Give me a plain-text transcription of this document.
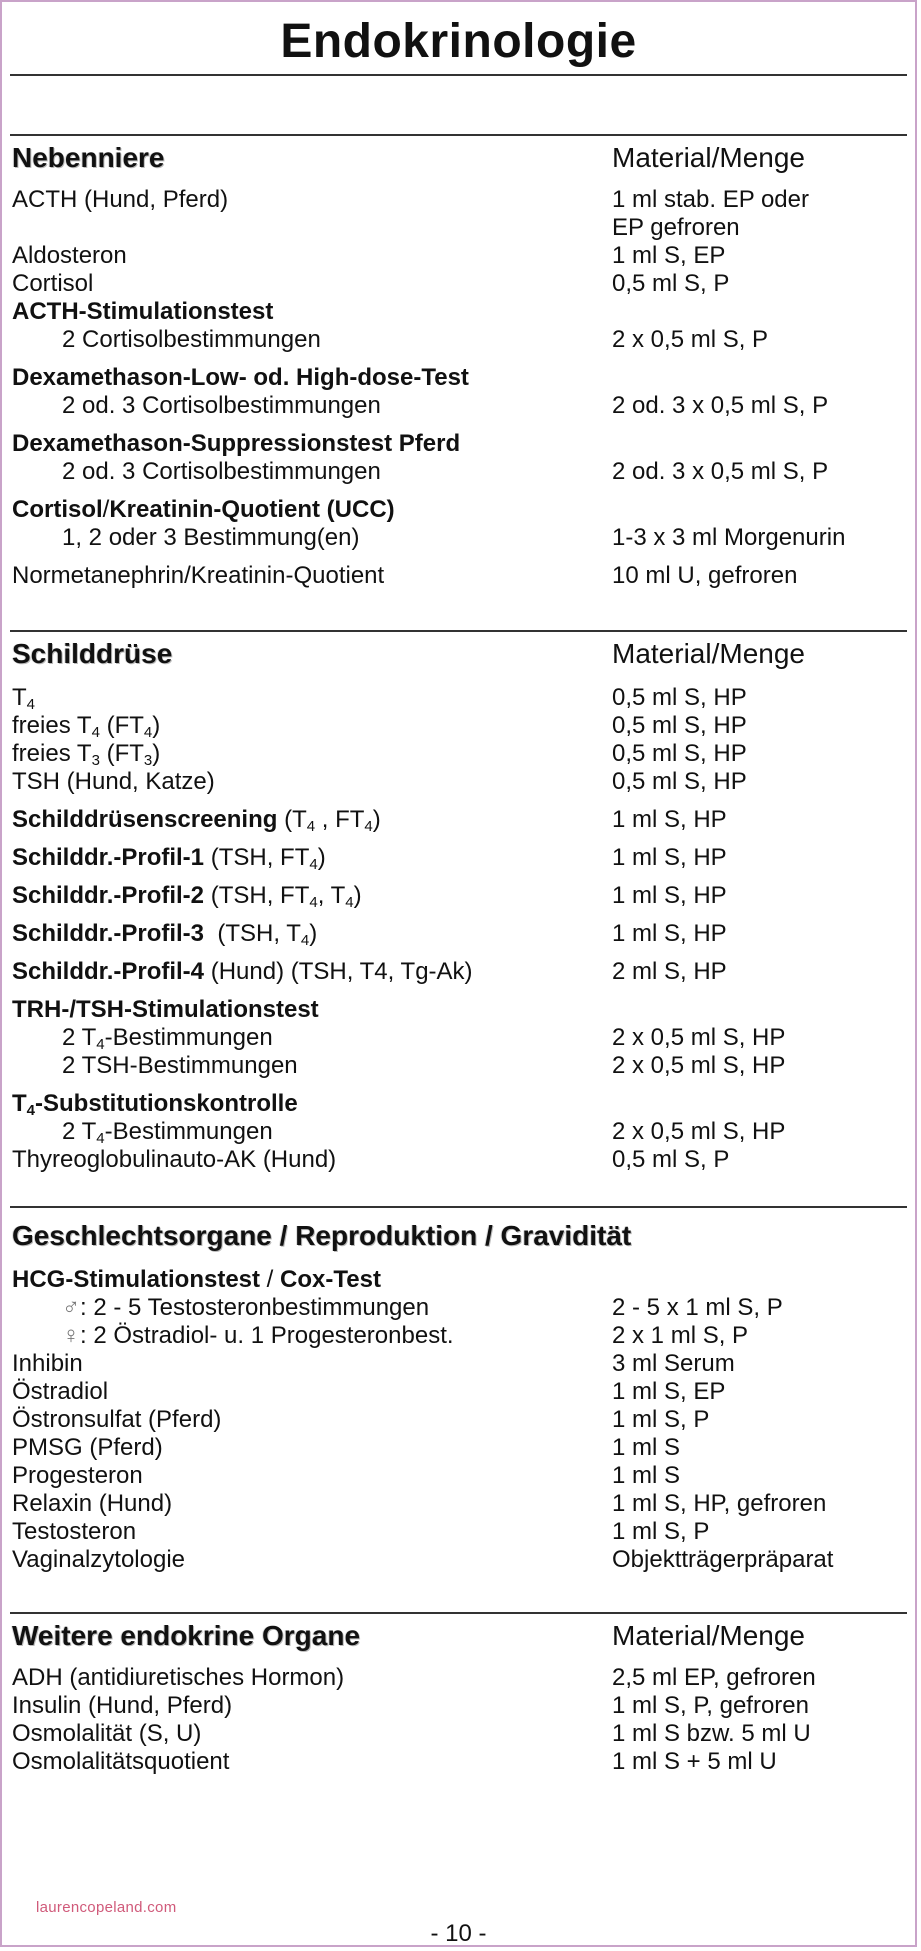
Endokrinologie
Nebenniere	Material/Menge
ACTH (Hund, Pferd)	1 ml stab. EP oder

EP gefroren
Aldosteron	1 ml S, EP
Cortisol	0,5 ml S, P
ACTH-Stimulationstest
2 Cortisolbestimmungen	2 x 0,5 ml S, P
Dexamethason-Low- od. High-dose-Test
2 od. 3 Cortisolbestimmungen	2 od. 3 x 0,5 ml S, P
Dexamethason-Suppressionstest Pferd
2 od. 3 Cortisolbestimmungen	2 od. 3 x 0,5 ml S, P
Cortisol/Kreatinin-Quotient (UCC)
1, 2 oder 3 Bestimmung(en)	1-3 x 3 ml Morgenurin
Normetanephrin/Kreatinin-Quotient	10 ml U, gefroren
Schilddrüse	Material/Menge
$T_4$	0,5 ml S, HP
freies $T_4$ $(FT_4)$	0,5 ml S, HP
freies $T_3$ $(FT_3)$	0,5 ml S, HP
TSH (Hund, Katze)	0,5 ml S, HP
Schilddrüsenscreening ($T_4$ , $FT_4$)	1 ml S, HP
Schilddr.-Profil-1 (TSH, $FT_4$)	1 ml S, HP
Schilddr.-Profil-2 (TSH, $FT_4$, $T_4$)	1 ml S, HP
Schilddr.-Profil-3  (TSH, $T_4$)	1 ml S, HP
Schilddr.-Profil-4 (Hund) (TSH, T4, Tg-Ak)	2 ml S, HP
TRH-/TSH-Stimulationstest
2 $T_4$-Bestimmungen	2 x 0,5 ml S, HP
2 TSH-Bestimmungen	2 x 0,5 ml S, HP
$T_4$-Substitutionskontrolle
2 $T_4$-Bestimmungen	2 x 0,5 ml S, HP
Thyreoglobulinauto-AK (Hund)	0,5 ml S, P
Geschlechtsorgane / Reproduktion / Gravidität
HCG-Stimulationstest / Cox-Test
♂: 2 - 5 Testosteronbestimmungen	2 - 5 x 1 ml S, P
♀: 2 Östradiol- u. 1 Progesteronbest.	2 x 1 ml S, P
Inhibin	3 ml Serum
Östradiol	1 ml S, EP
Östronsulfat (Pferd)	1 ml S, P
PMSG (Pferd)	1 ml S
Progesteron	1 ml S
Relaxin (Hund)	1 ml S, HP, gefroren
Testosteron	1 ml S, P
Vaginalzytologie	Objektträgerpräparat
Weitere endokrine Organe	Material/Menge
ADH (antidiuretisches Hormon)	2,5 ml EP, gefroren
Insulin (Hund, Pferd)	1 ml S, P, gefroren
Osmolalität (S, U)	1 ml S bzw. 5 ml U
Osmolalitätsquotient	1 ml S + 5 ml U
laurencopeland.com
- 10 -
